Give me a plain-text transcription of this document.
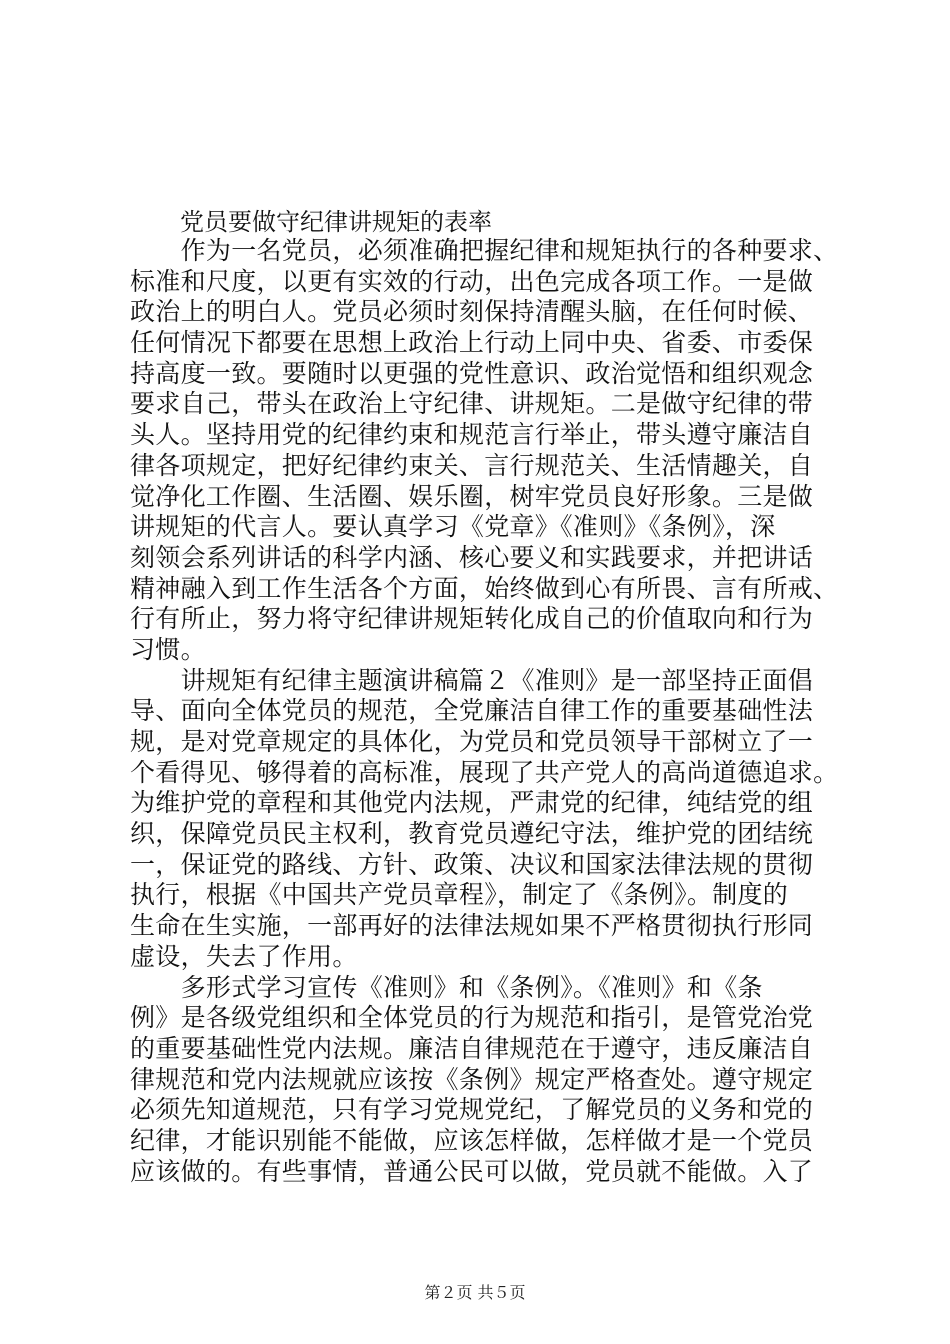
党员要做守纪律讲规矩的表率
　　作为一名党员，必须准确把握纪律和规矩执行的各种要求、
标准和尺度，以更有实效的行动，出色完成各项工作。一是做
政治上的明白人。党员必须时刻保持清醒头脑，在任何时候、
任何情况下都要在思想上政治上行动上同中央、省委、市委保
持高度一致。要随时以更强的党性意识、政治觉悟和组织观念
要求自己，带头在政治上守纪律、讲规矩。二是做守纪律的带
头人。坚持用党的纪律约束和规范言行举止，带头遵守廉洁自
律各项规定，把好纪律约束关、言行规范关、生活情趣关，自
觉净化工作圈、生活圈、娱乐圈，树牢党员良好形象。三是做
讲规矩的代言人。要认真学习《党章》《准则》《条例》，深
刻领会系列讲话的科学内涵、核心要义和实践要求，并把讲话
精神融入到工作生活各个方面，始终做到心有所畏、言有所戒、
行有所止，努力将守纪律讲规矩转化成自己的价值取向和行为
习惯。
　　讲规矩有纪律主题演讲稿篇２《准则》是一部坚持正面倡
导、面向全体党员的规范，全党廉洁自律工作的重要基础性法
规，是对党章规定的具体化，为党员和党员领导干部树立了一
个看得见、够得着的高标准，展现了共产党人的高尚道德追求。
为维护党的章程和其他党内法规，严肃党的纪律，纯结党的组
织，保障党员民主权利，教育党员遵纪守法，维护党的团结统
一，保证党的路线、方针、政策、决议和国家法律法规的贯彻
执行，根据《中国共产党员章程》，制定了《条例》。制度的
生命在生实施，一部再好的法律法规如果不严格贯彻执行形同
虚设，失去了作用。
　　多形式学习宣传《准则》和《条例》。《准则》和《条
例》是各级党组织和全体党员的行为规范和指引，是管党治党
的重要基础性党内法规。廉洁自律规范在于遵守，违反廉洁自
律规范和党内法规就应该按《条例》规定严格查处。遵守规定
必须先知道规范，只有学习党规党纪，了解党员的义务和党的
纪律，才能识别能不能做，应该怎样做，怎样做才是一个党员
应该做的。有些事情，普通公民可以做，党员就不能做。入了
第２页 共５页
